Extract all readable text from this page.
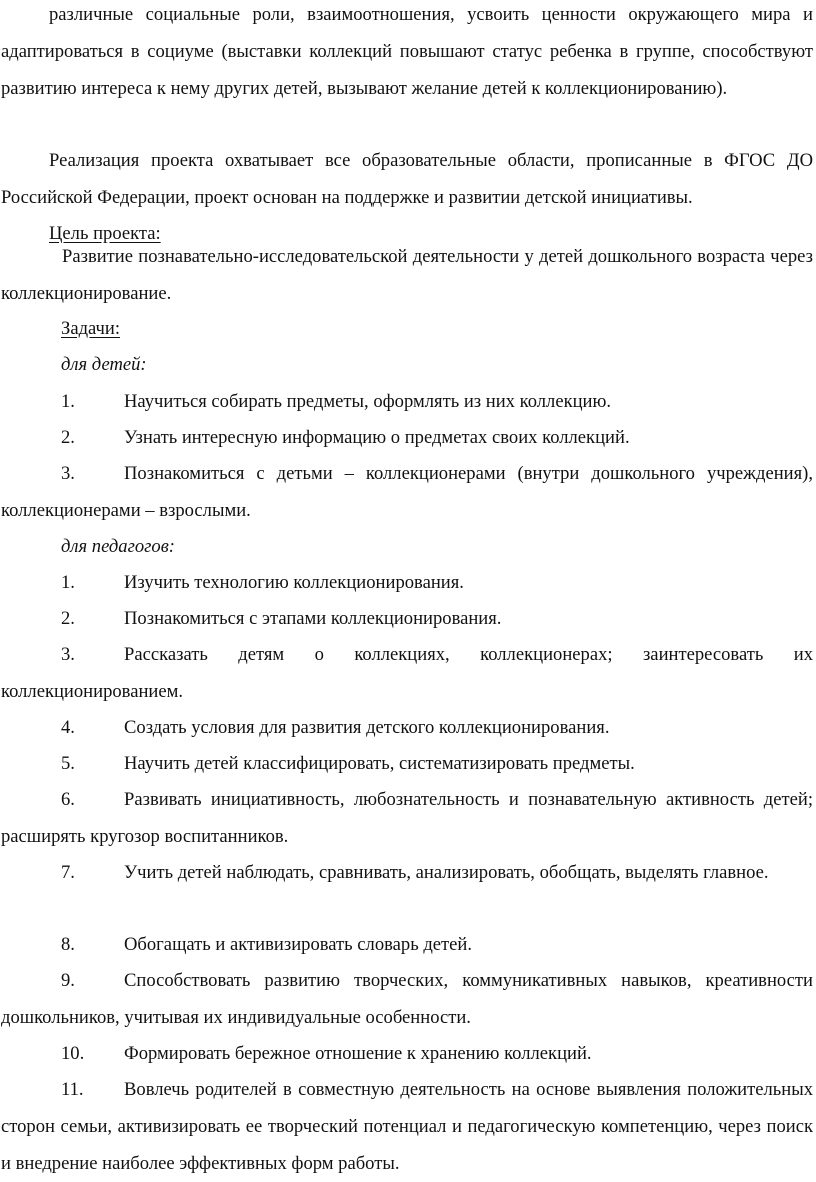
различные социальные роли, взаимоотношения, усвоить ценности окружающего мира и адаптироваться в социуме (выставки коллекций повышают статус ребенка в группе, способствуют развитию интереса к нему других детей, вызывают желание детей к коллекционированию).

Реализация проекта охватывает все образовательные области, прописанные в ФГОС ДО Российской Федерации, проект основан на поддержке и развитии детской инициативы.

Цель проекта:

Развитие познавательно-исследовательской деятельности у детей дошкольного возраста через коллекционирование.

Задачи:

для детей:

1.	Научиться собирать предметы, оформлять из них коллекцию.
2.	Узнать интересную информацию о предметах своих коллекций.
3.	Познакомиться с детьми – коллекционерами (внутри дошкольного учреждения), коллекционерами – взрослыми.

для педагогов:

1.	Изучить технологию коллекционирования.
2.	Познакомиться с этапами коллекционирования.
3.	Рассказать детям о коллекциях, коллекционерах; заинтересовать их коллекционированием.
4.	Создать условия для развития детского коллекционирования.
5.	Научить детей классифицировать, систематизировать предметы.
6.	Развивать инициативность, любознательность и познавательную активность детей; расширять кругозор воспитанников.
7.	Учить детей наблюдать, сравнивать, анализировать, обобщать, выделять главное.
8.	Обогащать и активизировать словарь детей.
9.	Способствовать развитию творческих, коммуникативных навыков, креативности дошкольников, учитывая их индивидуальные особенности.
10. Формировать бережное отношение к хранению коллекций.
11. Вовлечь родителей в совместную деятельность на основе выявления положительных сторон семьи, активизировать ее творческий потенциал и педагогическую компетенцию, через поиск и внедрение наиболее эффективных форм работы.
